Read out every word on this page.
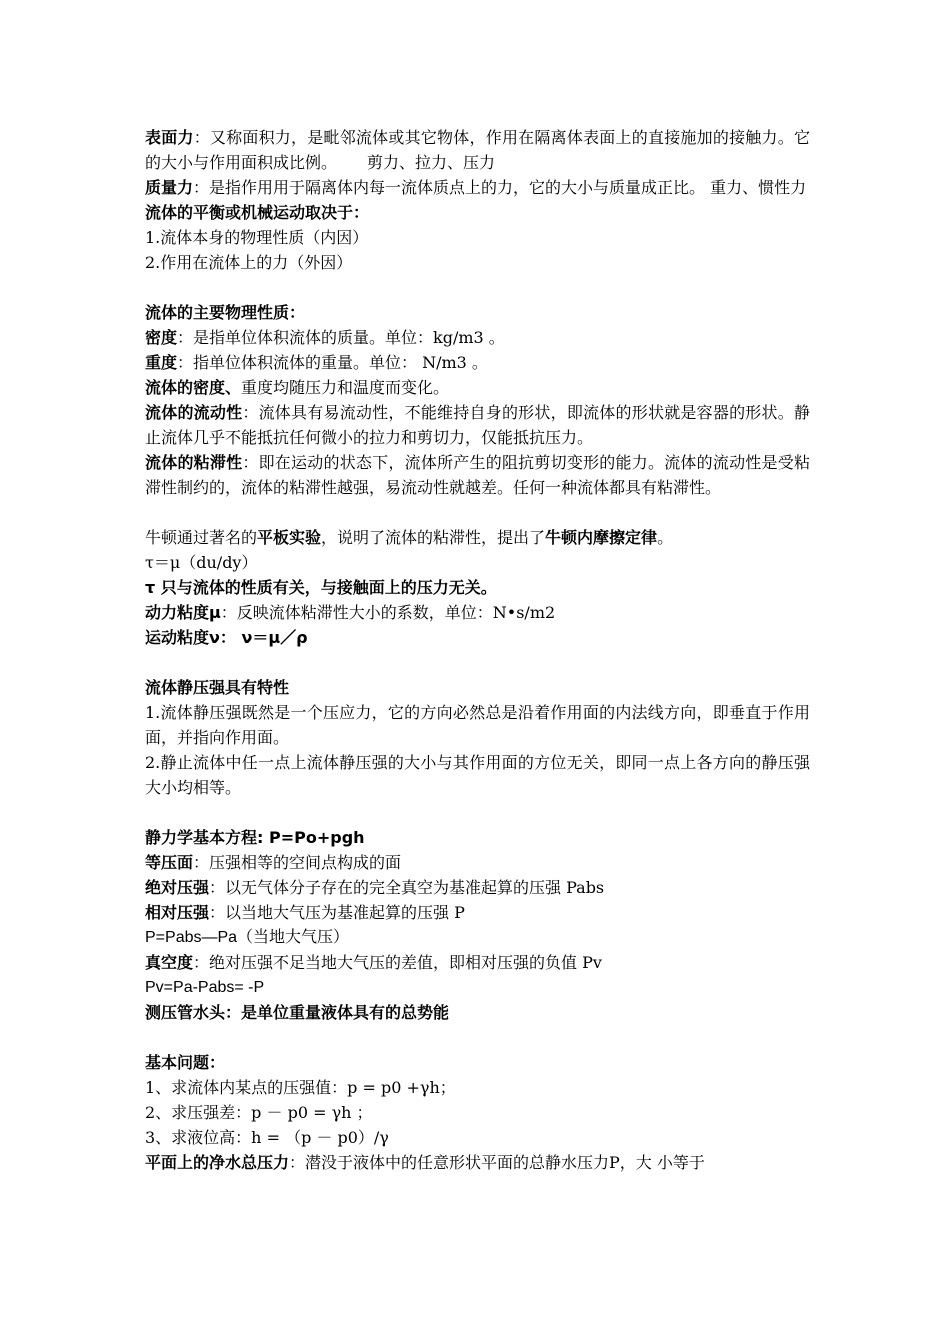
表面力：又称面积力，是毗邻流体或其它物体，作用在隔离体表面上的直接施加的接触力。它的大小与作用面积成比例。 剪力、拉力、压力

质量力：是指作用用于隔离体内每一流体质点上的力，它的大小与质量成正比。 重力、惯性力

流体的平衡或机械运动取决于：

1.流体本身的物理性质（内因）

2.作用在流体上的力（外因）

流体的主要物理性质：

密度：是指单位体积流体的质量。单位：kg/m3 。

重度：指单位体积流体的重量。单位： N/m3 。

流体的密度、重度均随压力和温度而变化。

流体的流动性：流体具有易流动性，不能维持自身的形状，即流体的形状就是容器的形状。静止流体几乎不能抵抗任何微小的拉力和剪切力，仅能抵抗压力。

流体的粘滞性：即在运动的状态下，流体所产生的阻抗剪切变形的能力。流体的流动性是受粘滞性制约的，流体的粘滞性越强，易流动性就越差。任何一种流体都具有粘滞性。

牛顿通过著名的平板实验，说明了流体的粘滞性，提出了牛顿内摩擦定律。

τ＝μ（du/dy）

τ 只与流体的性质有关，与接触面上的压力无关。

动力粘度μ：反映流体粘滞性大小的系数，单位：N•s/m2

运动粘度ν： ν＝μ／ρ

流体静压强具有特性

1.流体静压强既然是一个压应力，它的方向必然总是沿着作用面的内法线方向，即垂直于作用面，并指向作用面。

2.静止流体中任一点上流体静压强的大小与其作用面的方位无关，即同一点上各方向的静压强大小均相等。

静力学基本方程: P=Po+pgh

等压面：压强相等的空间点构成的面

绝对压强：以无气体分子存在的完全真空为基准起算的压强 Pabs

相对压强：以当地大气压为基准起算的压强 P

P=Pabs—Pa（当地大气压）

真空度：绝对压强不足当地大气压的差值，即相对压强的负值 Pv

Pv=Pa-Pabs= -P

测压管水头：是单位重量液体具有的总势能

基本问题：

1、求流体内某点的压强值：p = p0 +γh；

2、求压强差：p － p0 = γh ；

3、求液位高：h = （p － p0）/γ

平面上的净水总压力：潜没于液体中的任意形状平面的总静水压力P，大 小等于
